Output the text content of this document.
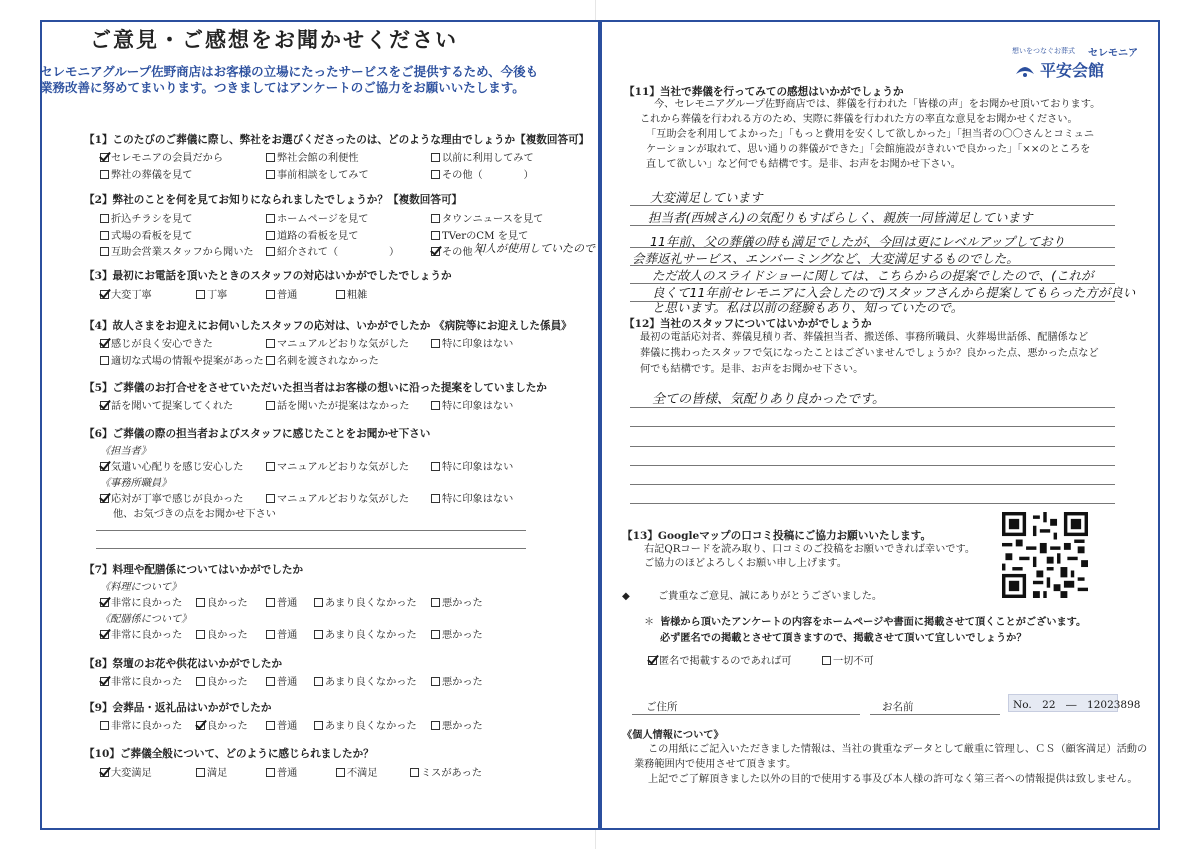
ご意見・ご感想をお聞かせください
セレモニアグループ佐野商店はお客様の立場にたったサービスをご提供するため、今後も
業務改善に努めてまいります。つきましてはアンケートのご協力をお願いいたします。
【1】このたびのご葬儀に際し、弊社をお選びくださったのは、どのような理由でしょうか【複数回答可】
セレモニアの会員だから	弊社会館の利便性	以前に利用してみて
弊社の葬儀を見て	事前相談をしてみて	その他（　　　　）
【2】弊社のことを何を見てお知りになられましたでしょうか？【複数回答可】
折込チラシを見て	ホームページを見て	タウンニュースを見て
式場の看板を見て	道路の看板を見て	TVerのCM を見て
互助会営業スタッフから聞いた	紹介されて（　　　　　）	その他（
知人が使用していたので
【3】最初にお電話を頂いたときのスタッフの対応はいかがでしたでしょうか
大変丁寧	丁寧	普通	粗雑
【4】故人さまをお迎えにお伺いしたスタッフの応対は、いかがでしたか 《病院等にお迎えした係員》
感じが良く安心できた	マニュアルどおりな気がした	特に印象はない
適切な式場の情報や提案があった	名刺を渡されなかった
【5】ご葬儀のお打合せをさせていただいた担当者はお客様の想いに沿った提案をしていましたか
話を聞いて提案してくれた	話を聞いたが提案はなかった	特に印象はない
【6】ご葬儀の際の担当者およびスタッフに感じたことをお聞かせ下さい
《担当者》
気遣い心配りを感じ安心した	マニュアルどおりな気がした	特に印象はない
《事務所職員》
応対が丁寧で感じが良かった	マニュアルどおりな気がした	特に印象はない
他、お気づきの点をお聞かせ下さい
【7】料理や配膳係についてはいかがでしたか
《料理について》
非常に良かった	良かった	普通	あまり良くなかった	悪かった
《配膳係について》
非常に良かった	良かった	普通	あまり良くなかった	悪かった
【8】祭壇のお花や供花はいかがでしたか
非常に良かった	良かった	普通	あまり良くなかった	悪かった
【9】会葬品・返礼品はいかがでしたか
非常に良かった	良かった	普通	あまり良くなかった	悪かった
【10】ご葬儀全般について、どのように感じられましたか？
大変満足	満足	普通	不満足	ミスがあった
想いをつなぐお葬式 セレモニア
平安会館
【11】当社で葬儀を行ってみての感想はいかがでしょうか
今、セレモニアグループ佐野商店では、葬儀を行われた「皆様の声」をお聞かせ頂いております。
これから葬儀を行われる方のため、実際に葬儀を行われた方の率直な意見をお聞かせください。
「互助会を利用してよかった」「もっと費用を安くして欲しかった」「担当者の〇〇さんとコミュニ
ケーションが取れて、思い通りの葬儀ができた」「会館施設がきれいで良かった」「××のところを
直して欲しい」など何でも結構です。是非、お声をお聞かせ下さい。
大変満足しています
担当者(西城さん)の気配りもすばらしく、親族一同皆満足しています
11年前、父の葬儀の時も満足でしたが、今回は更にレベルアップしており
会葬返礼サービス、エンバーミングなど、大変満足するものでした。
ただ故人のスライドショーに関しては、こちらからの提案でしたので、(これが
良くて11年前セレモニアに入会したので)スタッフさんから提案してもらった方が良い
と思います。私は以前の経験もあり、知っていたので。
【12】当社のスタッフについてはいかがでしょうか
最初の電話応対者、葬儀見積り者、葬儀担当者、搬送係、事務所職員、火葬場世話係、配膳係など
葬儀に携わったスタッフで気になったことはございませんでしょうか？良かった点、悪かった点など
何でも結構です。是非、お声をお聞かせ下さい。
全ての皆様、気配りあり良かったです。
【13】Googleマップの口コミ投稿にご協力お願いいたします。
右記QRコードを読み取り、口コミのご投稿をお願いできれば幸いです。
ご協力のほどよろしくお願い申し上げます。
◆	ご貴重なご意見、誠にありがとうございました。
＊ 皆様から頂いたアンケートの内容をホームページや書面に掲載させて頂くことがございます。
必ず匿名での掲載とさせて頂きますので、掲載させて頂いて宜しいでしょうか？
匿名で掲載するのであれば可	一切不可
ご住所	お名前	No.　22　―　12023898
《個人情報について》
この用紙にご記入いただきました情報は、当社の貴重なデータとして厳重に管理し、ＣＳ（顧客満足）活動の
業務範囲内で使用させて頂きます。
上記でご了解頂きました以外の目的で使用する事及び本人様の許可なく第三者への情報提供は致しません。
